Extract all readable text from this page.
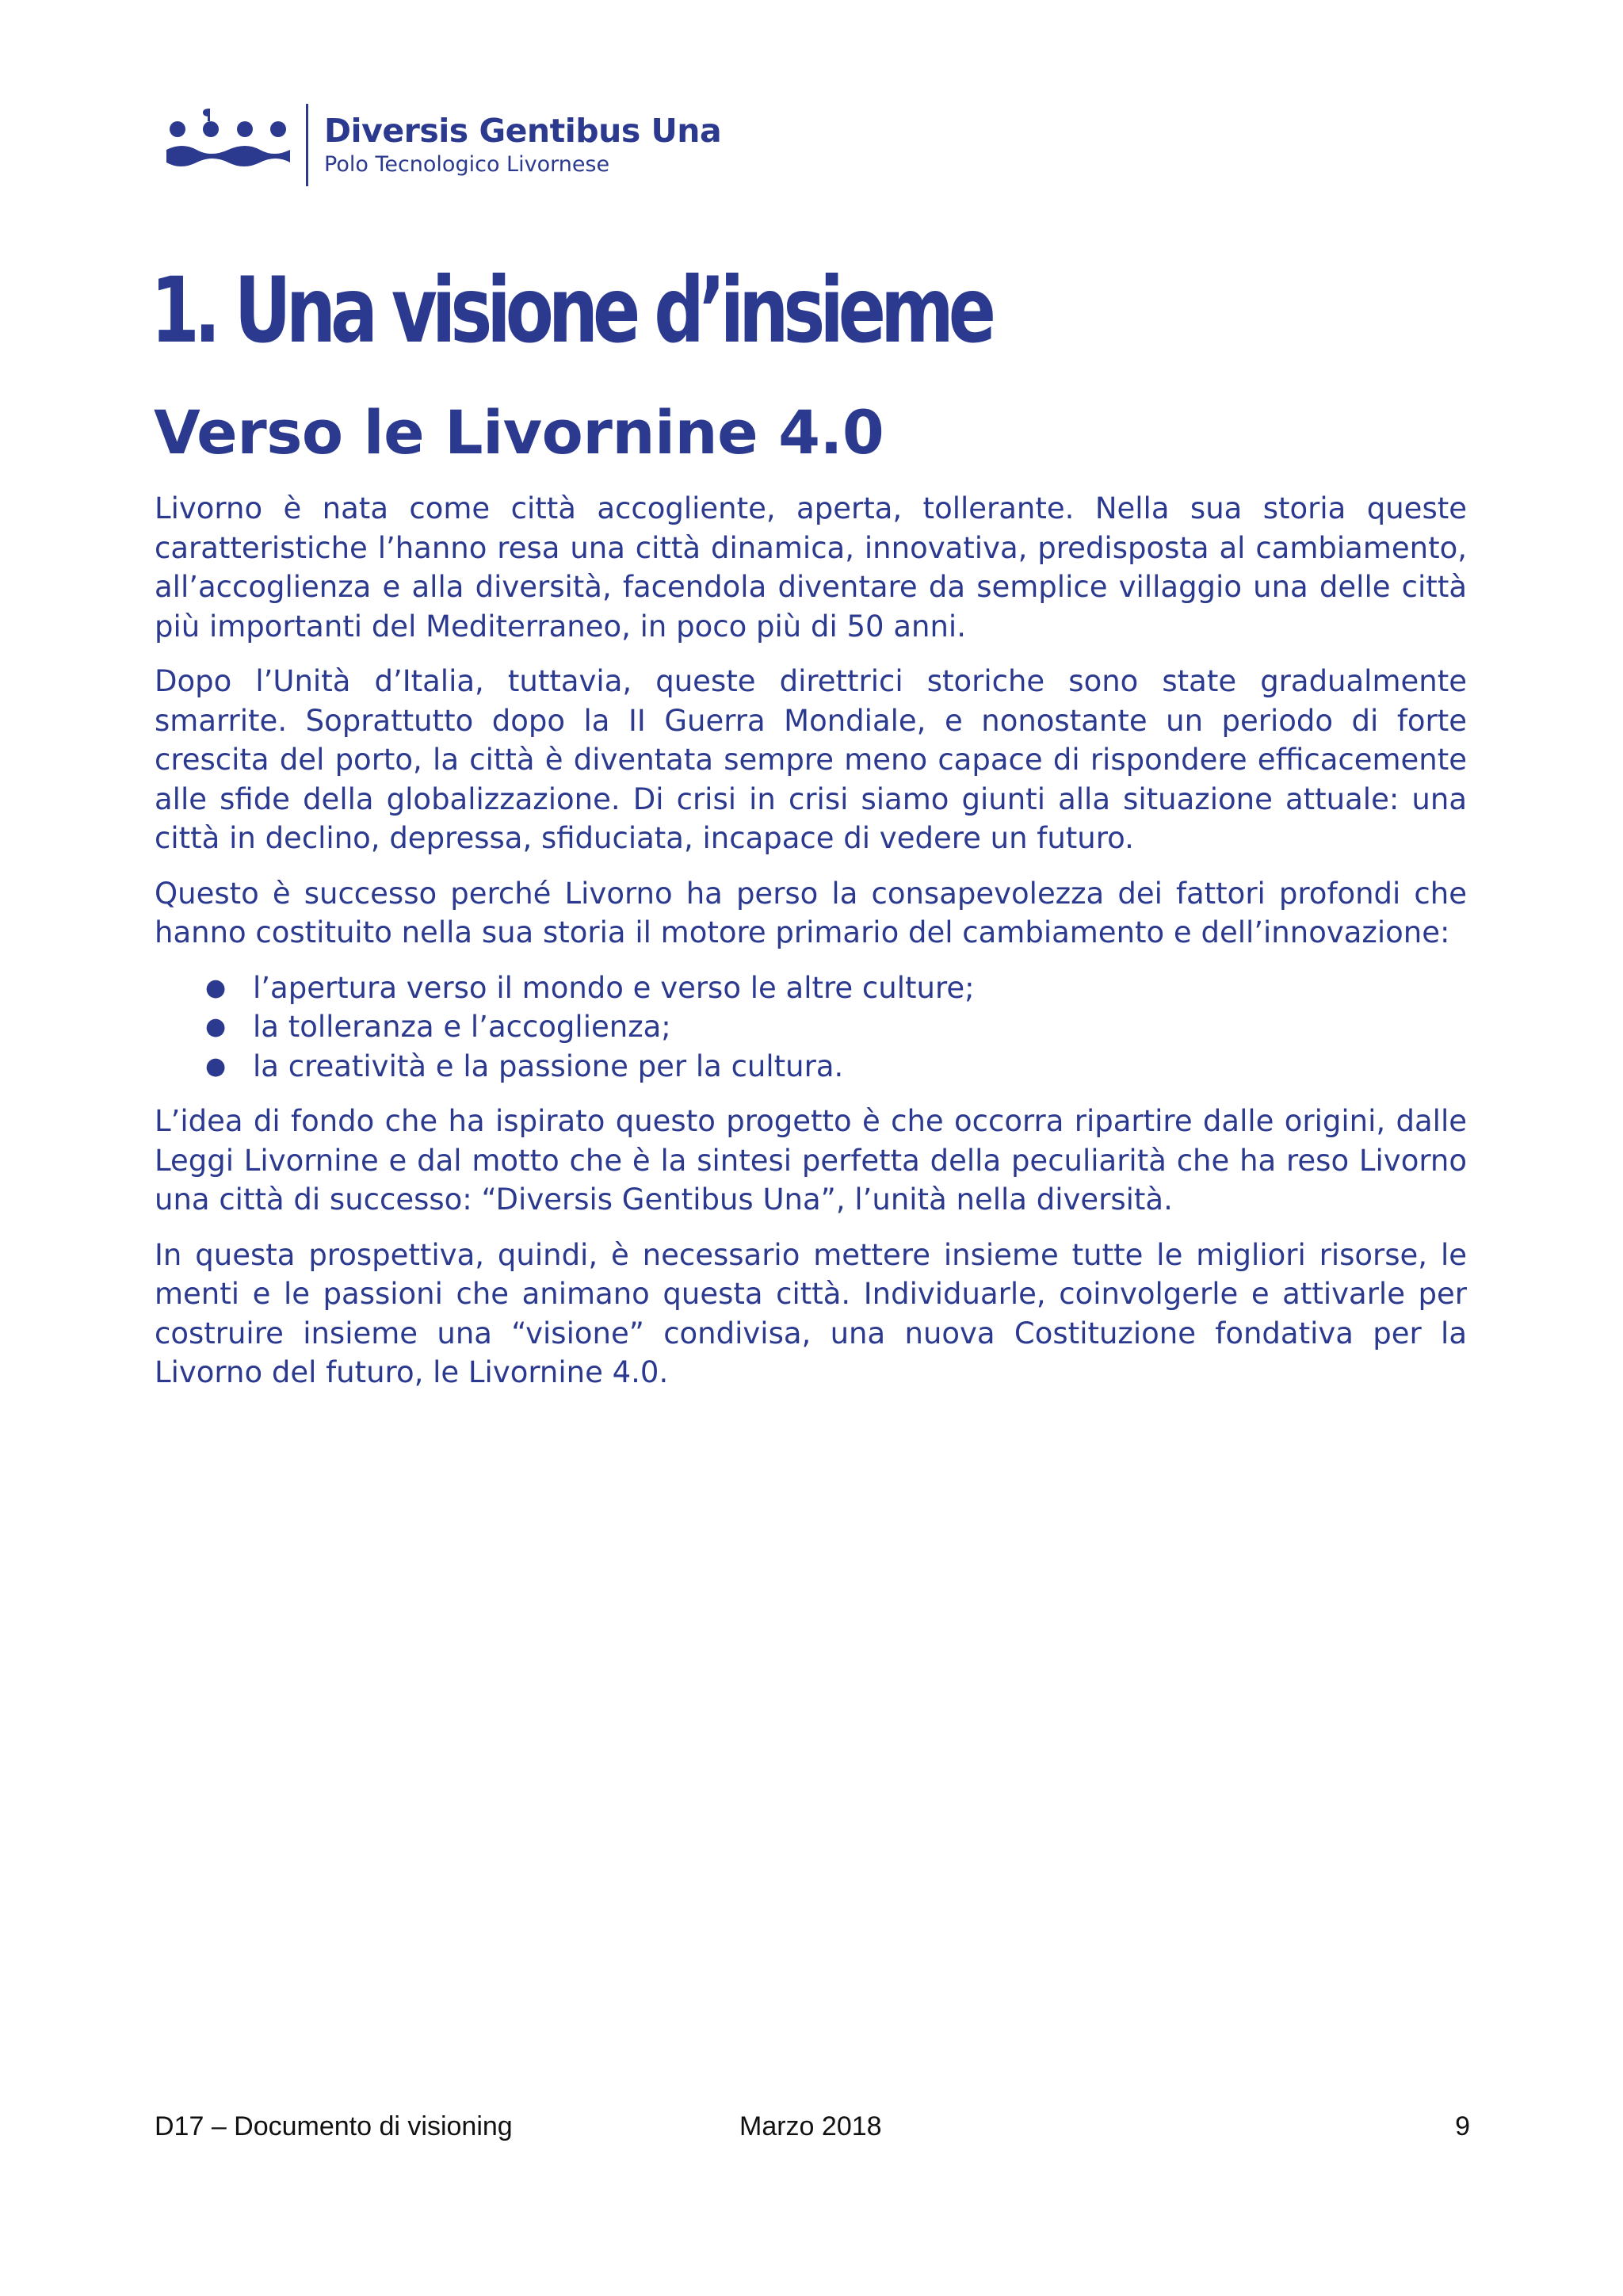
Diversis Gentibus Una
Polo Tecnologico Livornese
1. Una visione d’insieme
Verso le Livornine 4.0

Livorno è nata come città accogliente, aperta, tollerante. Nella sua storia queste caratteristiche l’hanno resa una città dinamica, innovativa, predisposta al cambiamento, all’accoglienza e alla diversità, facendola diventare da semplice villaggio una delle città più importanti del Mediterraneo, in poco più di 50 anni.

Dopo l’Unità d’Italia, tuttavia, queste direttrici storiche sono state gradualmente smarrite. Soprattutto dopo la II Guerra Mondiale, e nonostante un periodo di forte crescita del porto, la città è diventata sempre meno capace di rispondere efficacemente alle sfide della globalizzazione. Di crisi in crisi siamo giunti alla situazione attuale: una città in declino, depressa, sfiduciata, incapace di vedere un futuro.

Questo è successo perché Livorno ha perso la consapevolezza dei fattori profondi che hanno costituito nella sua storia il motore primario del cambiamento e dell’innovazione:

● l’apertura verso il mondo e verso le altre culture;
● la tolleranza e l’accoglienza;
● la creatività e la passione per la cultura.

L’idea di fondo che ha ispirato questo progetto è che occorra ripartire dalle origini, dalle Leggi Livornine e dal motto che è la sintesi perfetta della peculiarità che ha reso Livorno una città di successo: “Diversis Gentibus Una”, l’unità nella diversità.

In questa prospettiva, quindi, è necessario mettere insieme tutte le migliori risorse, le menti e le passioni che animano questa città. Individuarle, coinvolgerle e attivarle per costruire insieme una “visione” condivisa, una nuova Costituzione fondativa per la Livorno del futuro, le Livornine 4.0.

D17 – Documento di visioning	Marzo 2018	9
